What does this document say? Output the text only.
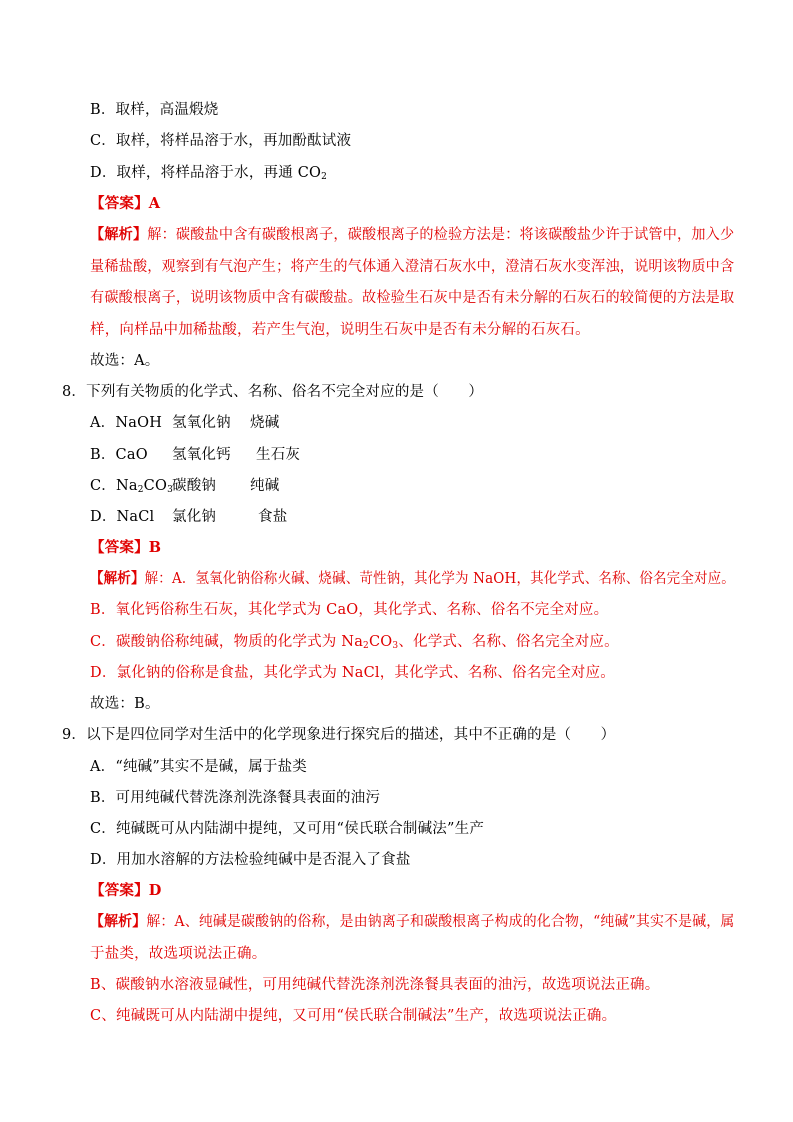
B．取样，高温煅烧
C．取样，将样品溶于水，再加酚酞试液
D．取样，将样品溶于水，再通 $CO_2$
【答案】A
【解析】解：碳酸盐中含有碳酸根离子，碳酸根离子的检验方法是：将该碳酸盐少许于试管中，加入少
量稀盐酸，观察到有气泡产生；将产生的气体通入澄清石灰水中，澄清石灰水变浑浊，说明该物质中含
有碳酸根离子，说明该物质中含有碳酸盐。故检验生石灰中是否有未分解的石灰石的较简便的方法是取
样，向样品中加稀盐酸，若产生气泡，说明生石灰中是否有未分解的石灰石。
故选：A。
8．下列有关物质的化学式、名称、俗名不完全对应的是（　　）
A．NaOH 氢氧化钠 烧碱
B．CaO 氢氧化钙 生石灰
C．$Na_2CO_3$碳酸钠 纯碱
D．NaCl 氯化钠	食盐
【答案】B
【解析】解：A．氢氧化钠俗称火碱、烧碱、苛性钠，其化学为 NaOH，其化学式、名称、俗名完全对应。
B．氧化钙俗称生石灰，其化学式为 CaO，其化学式、名称、俗名不完全对应。
C．碳酸钠俗称纯碱，物质的化学式为 $Na_2CO_3$、化学式、名称、俗名完全对应。
D．氯化钠的俗称是食盐，其化学式为 NaCl，其化学式、名称、俗名完全对应。
故选：B。
9．以下是四位同学对生活中的化学现象进行探究后的描述，其中不正确的是（　　）
A．“纯碱”其实不是碱，属于盐类
B．可用纯碱代替洗涤剂洗涤餐具表面的油污
C．纯碱既可从内陆湖中提纯，又可用“侯氏联合制碱法”生产
D．用加水溶解的方法检验纯碱中是否混入了食盐
【答案】D
【解析】解：A、纯碱是碳酸钠的俗称，是由钠离子和碳酸根离子构成的化合物，“纯碱”其实不是碱，属
于盐类，故选项说法正确。
B、碳酸钠水溶液显碱性，可用纯碱代替洗涤剂洗涤餐具表面的油污，故选项说法正确。
C、纯碱既可从内陆湖中提纯，又可用“侯氏联合制碱法”生产，故选项说法正确。
